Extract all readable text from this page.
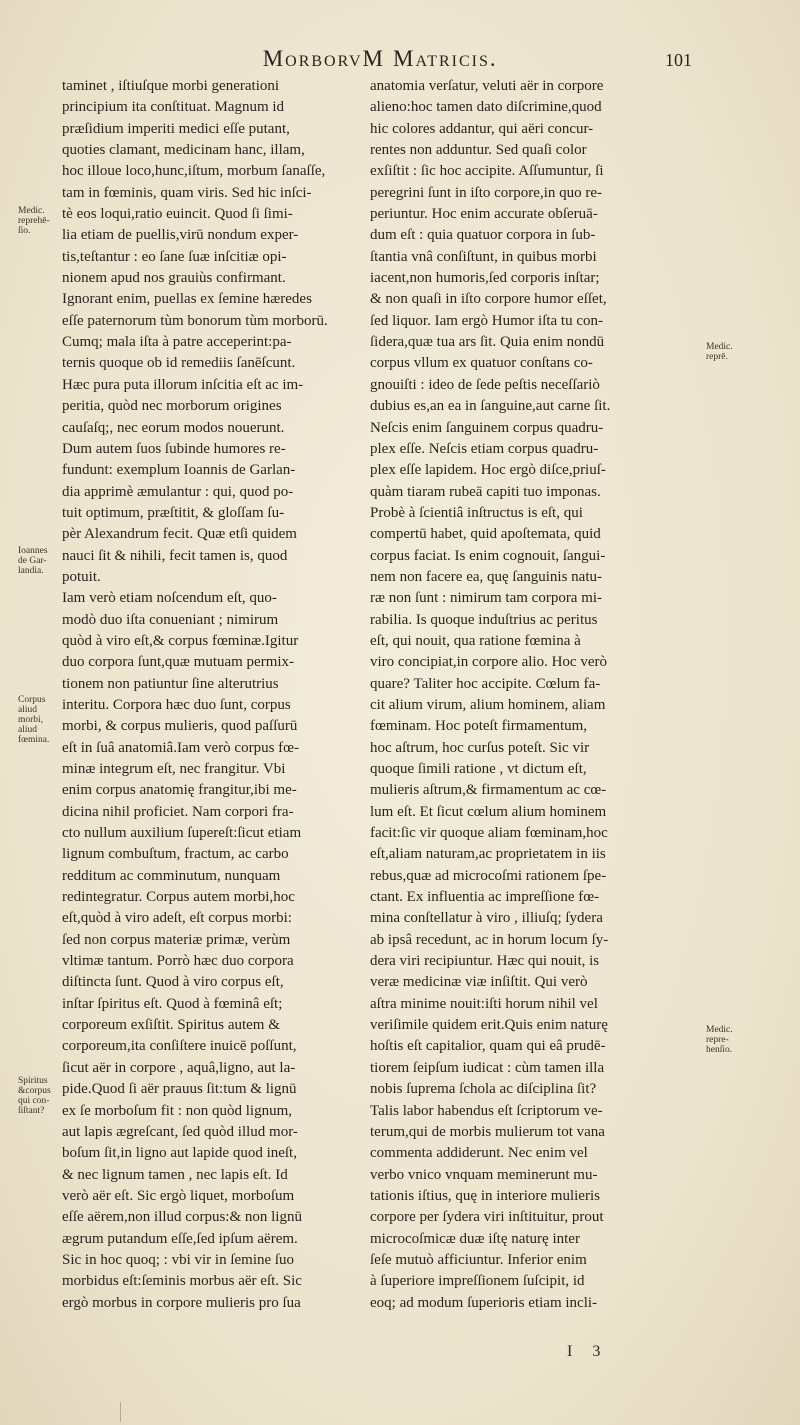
MorborvM Matricis.	101
taminet , iſtiuſque morbi generationi
principium ita conſtituat. Magnum id
præſidium imperiti medici eſſe putant,
quoties clamant, medicinam hanc, illam,
hoc illoue loco,hunc,iſtum, morbum ſanaſſe,
tam in fœminis, quam viris. Sed hic inſci-
tè eos loqui,ratio euincit. Quod ſi ſimi-
lia etiam de puellis,virū nondum exper-
tis,teſtantur : eo ſane ſuæ inſcitiæ opi-
nionem apud nos grauiùs confirmant.
Ignorant enim, puellas ex ſemine hæredes
eſſe paternorum tùm bonorum tùm morborū.
Cumq; mala iſta à patre acceperint:pa-
ternis quoque ob id remediis ſanēſcunt.
Hæc pura puta illorum inſcitia eſt ac im-
peritia, quòd nec morborum origines
cauſaſq;, nec eorum modos nouerunt.
Dum autem ſuos ſubinde humores re-
fundunt: exemplum Ioannis de Garlan-
dia apprimè æmulantur : qui, quod po-
tuit optimum, præſtitit, & gloſſam ſu-
pèr Alexandrum fecit. Quæ etſi quidem
nauci ſit & nihili, fecit tamen is, quod
potuit.
Iam verò etiam noſcendum eſt, quo-
modò duo iſta conueniant ; nimirum
quòd à viro eſt,& corpus fœminæ.Igitur
duo corpora ſunt,quæ mutuam permix-
tionem non patiuntur ſine alterutrius
interitu. Corpora hæc duo ſunt, corpus
morbi, & corpus mulieris, quod paſſurū
eſt in ſuâ anatomiâ.Iam verò corpus fœ-
minæ integrum eſt, nec frangitur. Vbi
enim corpus anatomię frangitur,ibi me-
dicina nihil proficiet. Nam corpori fra-
cto nullum auxilium ſupereſt:ſicut etiam
lignum combuſtum, fractum, ac carbo
redditum ac comminutum, nunquam
redintegratur. Corpus autem morbi,hoc
eſt,quòd à viro adeſt, eſt corpus morbi:
ſed non corpus materiæ primæ, verùm
vltimæ tantum. Porrò hæc duo corpora
diſtincta ſunt. Quod à viro corpus eſt,
inſtar ſpiritus eſt. Quod à fœminâ eſt;
corporeum exſiſtit. Spiritus autem &
corporeum,ita conſiſtere inuicē poſſunt,
ſicut aër in corpore , aquâ,ligno, aut la-
pide.Quod ſi aër prauus ſit:tum & lignū
ex ſe morboſum fit : non quòd lignum,
aut lapis ægreſcant, ſed quòd illud mor-
boſum ſit,in ligno aut lapide quod ineſt,
& nec lignum tamen , nec lapis eſt. Id
verò aër eſt. Sic ergò liquet, morboſum
eſſe aërem,non illud corpus:& non lignū
ægrum putandum eſſe,ſed ipſum aërem.
Sic in hoc quoq; : vbi vir in ſemine ſuo
morbidus eſt:ſeminis morbus aër eſt. Sic
ergò morbus in corpore mulieris pro ſua
anatomia verſatur, veluti aër in corpore
alieno:hoc tamen dato diſcrimine,quod
hic colores addantur, qui aëri concur-
rentes non adduntur. Sed quaſi color
exſiſtit : ſic hoc accipite. Aſſumuntur, ſi
peregrini ſunt in iſto corpore,in quo re-
periuntur. Hoc enim accurate obſeruā-
dum eſt : quia quatuor corpora in ſub-
ſtantia vnâ conſiſtunt, in quibus morbi
iacent,non humoris,ſed corporis inſtar;
& non quaſi in iſto corpore humor eſſet,
ſed liquor. Iam ergò Humor iſta tu con-
ſidera,quæ tua ars ſit. Quia enim nondū
corpus vllum ex quatuor conſtans co-
gnouiſti : ideo de ſede peſtis neceſſariò
dubius es,an ea in ſanguine,aut carne ſit.
Neſcis enim ſanguinem corpus quadru-
plex eſſe. Neſcis etiam corpus quadru-
plex eſſe lapidem. Hoc ergò diſce,priuſ-
quàm tiaram rubeā capiti tuo imponas.
Probè à ſcientiâ inſtructus is eſt, qui
compertū habet, quid apoſtemata, quid
corpus faciat. Is enim cognouit, ſangui-
nem non facere ea, quę ſanguinis natu-
ræ non ſunt : nimirum tam corpora mi-
rabilia. Is quoque induſtrius ac peritus
eſt, qui nouit, qua ratione fœmina à
viro concipiat,in corpore alio. Hoc verò
quare? Taliter hoc accipite. Cœlum fa-
cit alium virum, alium hominem, aliam
fœminam. Hoc poteſt firmamentum,
hoc aſtrum, hoc curſus poteſt. Sic vir
quoque ſimili ratione , vt dictum eſt,
mulieris aſtrum,& firmamentum ac cœ-
lum eſt. Et ſicut cœlum alium hominem
facit:ſic vir quoque aliam fœminam,hoc
eſt,aliam naturam,ac proprietatem in iis
rebus,quæ ad microcoſmi rationem ſpe-
ctant. Ex influentia ac impreſſione fœ-
mina conſtellatur à viro , illiuſq; ſydera
ab ipsâ recedunt, ac in horum locum ſy-
dera viri recipiuntur. Hæc qui nouit, is
veræ medicinæ viæ inſiſtit. Qui verò
aſtra minime nouit:iſti horum nihil vel
veriſimile quidem erit.Quis enim naturę
hoſtis eſt capitalior, quam qui eâ prudē-
tiorem ſeipſum iudicat : cùm tamen illa
nobis ſuprema ſchola ac diſciplina ſit?
Talis labor habendus eſt ſcriptorum ve-
terum,qui de morbis mulierum tot vana
commenta addiderunt. Nec enim vel
verbo vnico vnquam meminerunt mu-
tationis iſtius, quę in interiore mulieris
corpore per ſydera viri inſtituitur, prout
microcoſmicæ duæ iſtę naturę inter
ſeſe mutuò afficiuntur. Inferior enim
à ſuperiore impreſſionem ſuſcipit, id
eoq; ad modum ſuperioris etiam incli-
Medic. reprehē- ſio.
Ioannes de Gar- landia.
Corpus aliud morbi, aliud fœmina.
Spiritus &corpus qui con- ſiſtant?
Medic. reprē.
Medic. repre- henſio.
I 3
